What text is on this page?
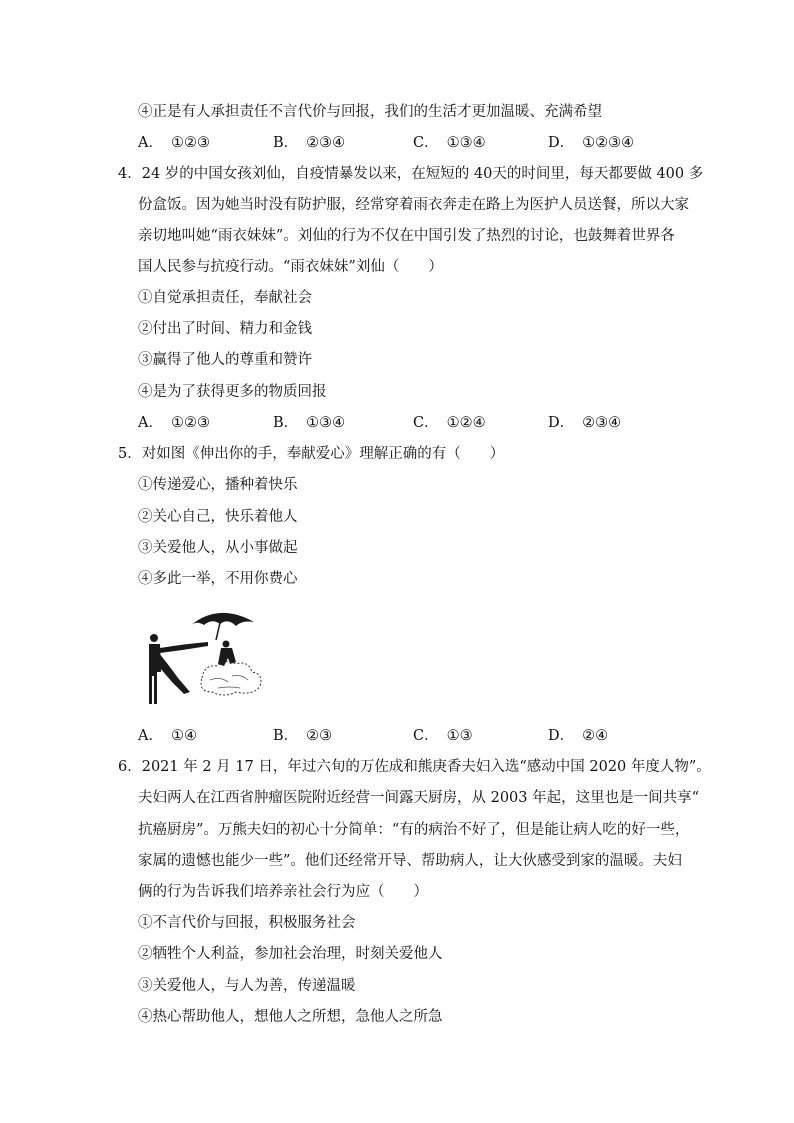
④正是有人承担责任不言代价与回报，我们的生活才更加温暖、充满希望
A． ①②③	B． ②③④	C． ①③④	D． ①②③④
4．24 岁的中国女孩刘仙，自疫情暴发以来，在短短的 40天的时间里，每天都要做 400 多
份盒饭。因为她当时没有防护服，经常穿着雨衣奔走在路上为医护人员送餐，所以大家
亲切地叫她“雨衣妹妹”。刘仙的行为不仅在中国引发了热烈的讨论，也鼓舞着世界各
国人民参与抗疫行动。“雨衣妹妹”刘仙（　　）
①自觉承担责任，奉献社会
②付出了时间、精力和金钱
③赢得了他人的尊重和赞许
④是为了获得更多的物质回报
A． ①②③	B． ①③④	C． ①②④	D． ②③④
5．对如图《伸出你的手，奉献爱心》理解正确的有（　　）
①传递爱心，播种着快乐
②关心自己，快乐着他人
③关爱他人，从小事做起
④多此一举，不用你费心
A． ①④	B． ②③	C． ①③	D． ②④
6．2021 年 2 月 17 日，年过六旬的万佐成和熊庚香夫妇入选“感动中国 2020 年度人物”。
夫妇两人在江西省肿瘤医院附近经营一间露天厨房，从 2003 年起，这里也是一间共享“
抗癌厨房”。万熊夫妇的初心十分简单：“有的病治不好了，但是能让病人吃的好一些，
家属的遗憾也能少一些”。他们还经常开导、帮助病人，让大伙感受到家的温暖。夫妇
俩的行为告诉我们培养亲社会行为应（　　）
①不言代价与回报，积极服务社会
②牺牲个人利益，参加社会治理，时刻关爱他人
③关爱他人，与人为善，传递温暖
④热心帮助他人，想他人之所想，急他人之所急
